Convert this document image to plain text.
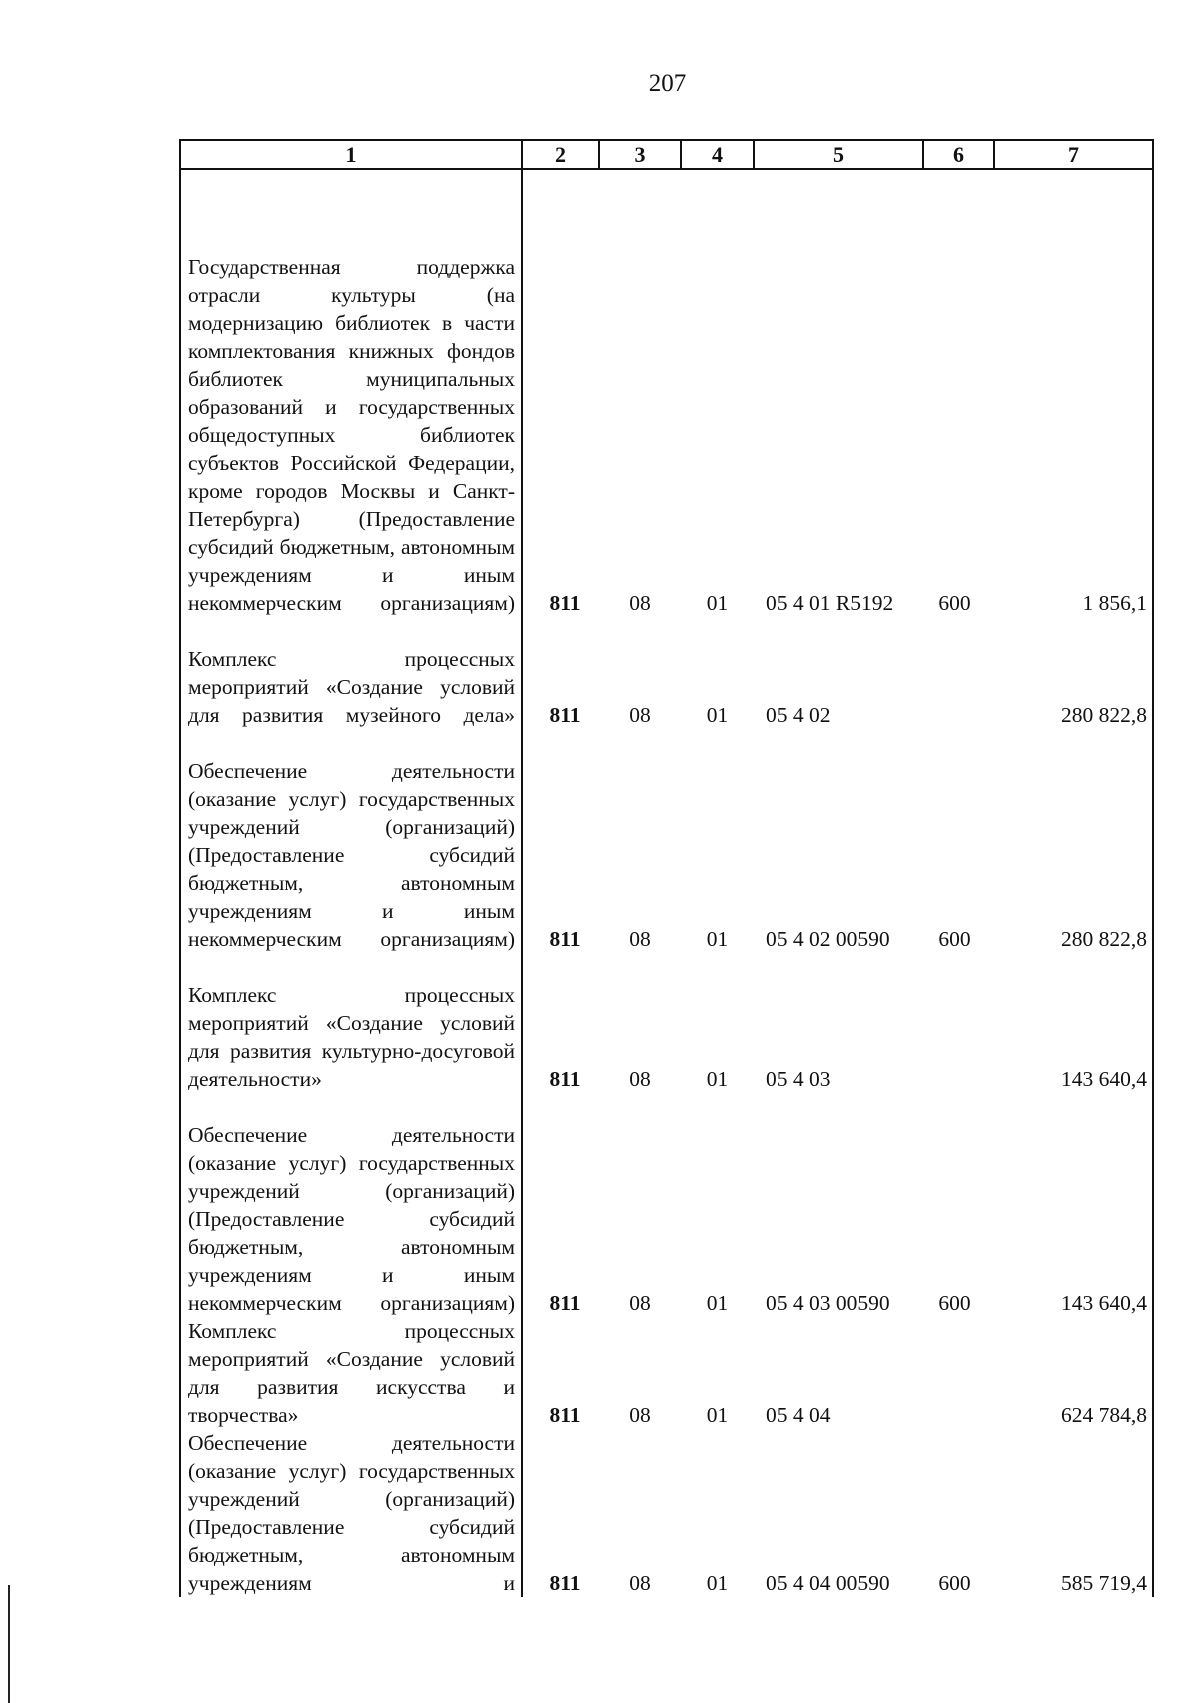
207
1	2	3	4	5	6	7
Государственная поддержка отрасли культуры (на модернизацию библиотек в части комплектования книжных фондов библиотек муниципальных образований и государственных общедоступных библиотек субъектов Российской Федерации, кроме городов Москвы и Санкт-Петербурга) (Предоставление субсидий бюджетным, автономным учреждениям и иным некоммерческим организациям)	811	08	01	05 4 01 R5192	600	1 856,1
Комплекс процессных мероприятий «Создание условий для развития музейного дела»	811	08	01	05 4 02		280 822,8
Обеспечение деятельности (оказание услуг) государственных учреждений (организаций) (Предоставление субсидий бюджетным, автономным учреждениям и иным некоммерческим организациям)	811	08	01	05 4 02 00590	600	280 822,8
Комплекс процессных мероприятий «Создание условий для развития культурно-досуговой деятельности»	811	08	01	05 4 03		143 640,4
Обеспечение деятельности (оказание услуг) государственных учреждений (организаций) (Предоставление субсидий бюджетным, автономным учреждениям и иным некоммерческим организациям)	811	08	01	05 4 03 00590	600	143 640,4
Комплекс процессных мероприятий «Создание условий для развития искусства и творчества»	811	08	01	05 4 04		624 784,8
Обеспечение деятельности (оказание услуг) государственных учреждений (организаций) (Предоставление субсидий бюджетным, автономным учреждениям и	811	08	01	05 4 04 00590	600	585 719,4
